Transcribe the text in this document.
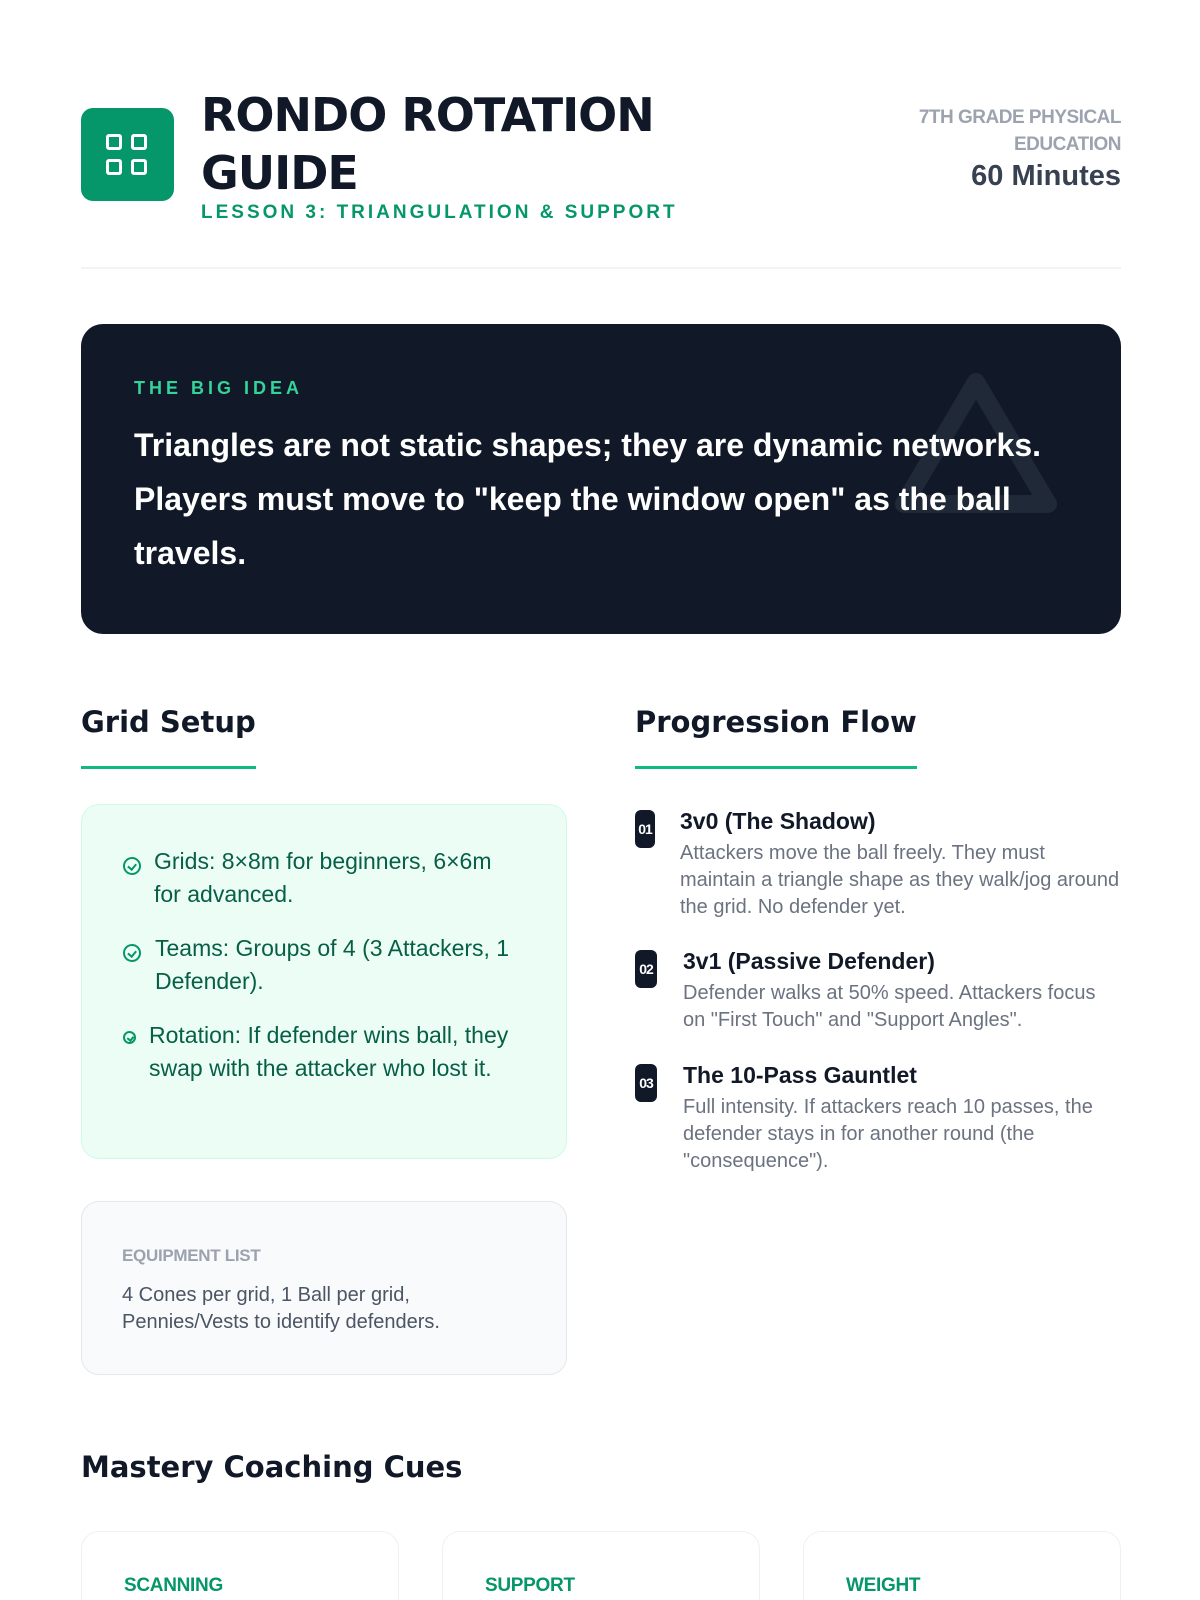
RONDO ROTATION GUIDE
LESSON 3: TRIANGULATION & SUPPORT
7TH GRADE PHYSICAL EDUCATION
60 Minutes
THE BIG IDEA
Triangles are not static shapes; they are dynamic networks. Players must move to "keep the window open" as the ball travels.
Grid Setup
Grids: 8×8m for beginners, 6×6m for advanced.
Teams: Groups of 4 (3 Attackers, 1 Defender).
Rotation: If defender wins ball, they swap with the attacker who lost it.
EQUIPMENT LIST
4 Cones per grid, 1 Ball per grid, Pennies/Vests to identify defenders.
Progression Flow
01 3v0 (The Shadow)
Attackers move the ball freely. They must maintain a triangle shape as they walk/jog around the grid. No defender yet.
02 3v1 (Passive Defender)
Defender walks at 50% speed. Attackers focus on "First Touch" and "Support Angles".
03 The 10-Pass Gauntlet
Full intensity. If attackers reach 10 passes, the defender stays in for another round (the "consequence").
Mastery Coaching Cues
SCANNING	SUPPORT	WEIGHT
